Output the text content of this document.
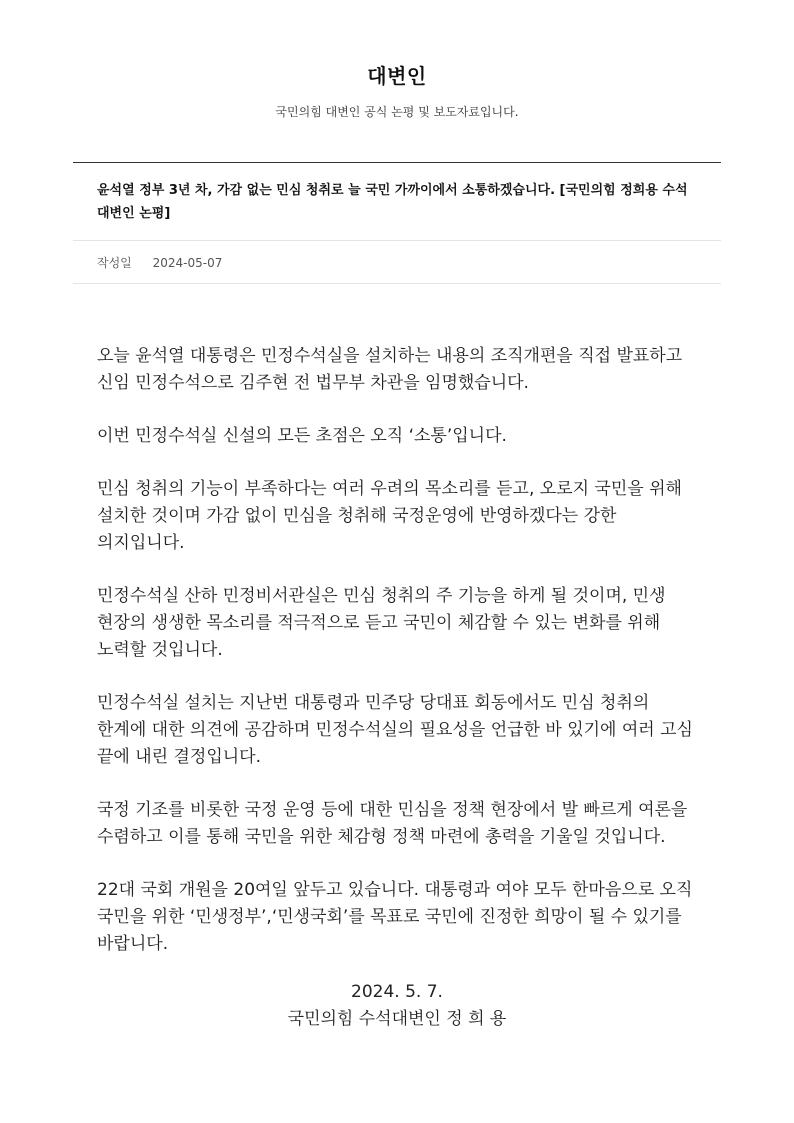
대변인
국민의힘 대변인 공식 논평 및 보도자료입니다.
윤석열 정부 3년 차, 가감 없는 민심 청취로 늘 국민 가까이에서 소통하겠습니다. [국민의힘 정희용 수석대변인 논평]
작성일 2024-05-07

오늘 윤석열 대통령은 민정수석실을 설치하는 내용의 조직개편을 직접 발표하고 신임 민정수석으로 김주현 전 법무부 차관을 임명했습니다.

이번 민정수석실 신설의 모든 초점은 오직 ‘소통’입니다.

민심 청취의 기능이 부족하다는 여러 우려의 목소리를 듣고, 오로지 국민을 위해 설치한 것이며 가감 없이 민심을 청취해 국정운영에 반영하겠다는 강한 의지입니다.

민정수석실 산하 민정비서관실은 민심 청취의 주 기능을 하게 될 것이며, 민생 현장의 생생한 목소리를 적극적으로 듣고 국민이 체감할 수 있는 변화를 위해 노력할 것입니다.

민정수석실 설치는 지난번 대통령과 민주당 당대표 회동에서도 민심 청취의 한계에 대한 의견에 공감하며 민정수석실의 필요성을 언급한 바 있기에 여러 고심 끝에 내린 결정입니다.

국정 기조를 비롯한 국정 운영 등에 대한 민심을 정책 현장에서 발 빠르게 여론을 수렴하고 이를 통해 국민을 위한 체감형 정책 마련에 총력을 기울일 것입니다.

22대 국회 개원을 20여일 앞두고 있습니다. 대통령과 여야 모두 한마음으로 오직 국민을 위한 ‘민생정부’,‘민생국회’를 목표로 국민에 진정한 희망이 될 수 있기를 바랍니다.

2024. 5. 7.
국민의힘 수석대변인 정 희 용
